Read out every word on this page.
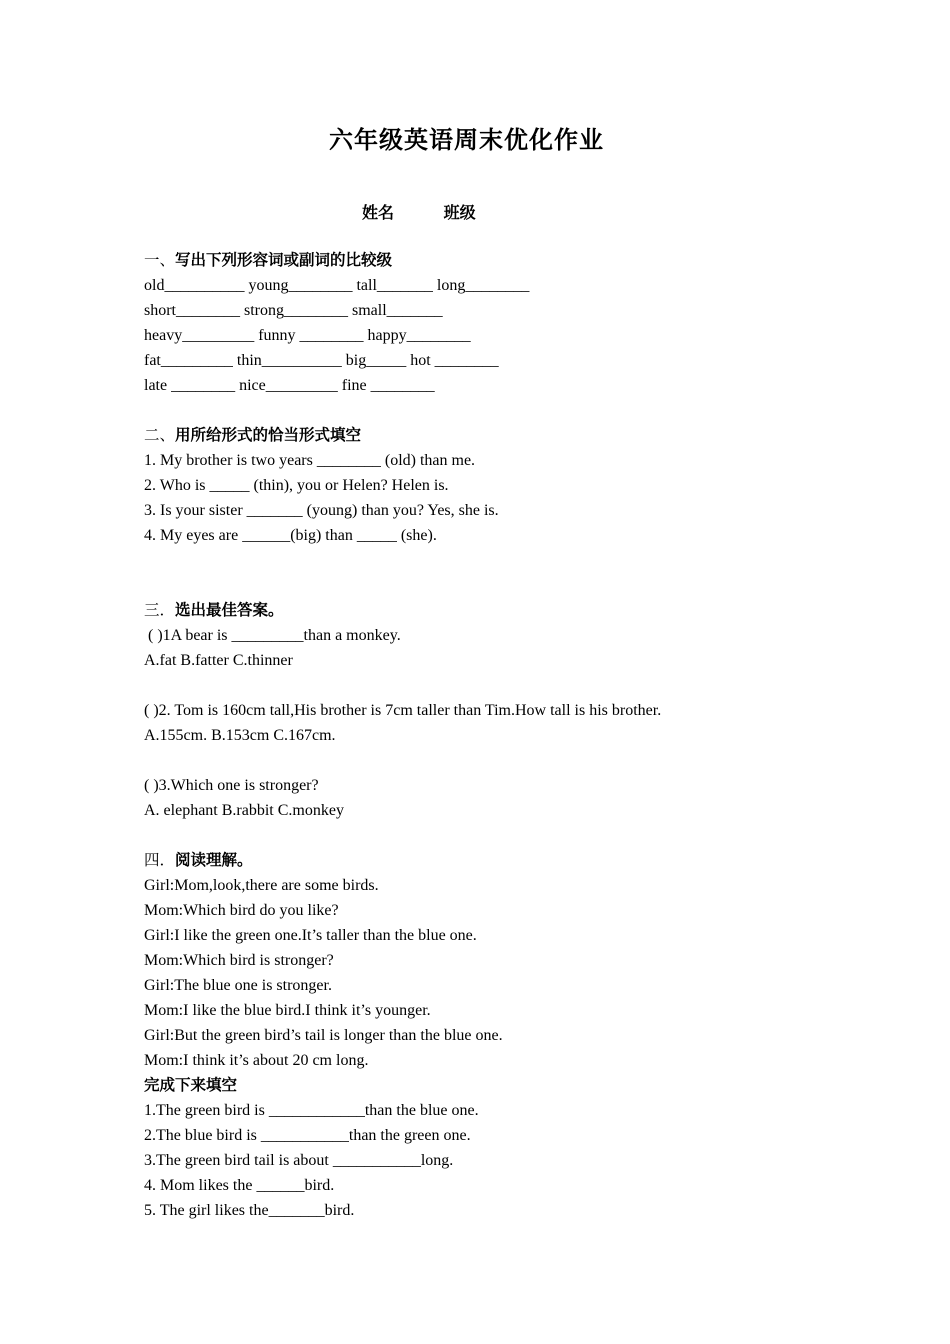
六年级英语周末优化作业
姓名	班级
一、写出下列形容词或副词的比较级
old__________ young________ tall_______ long________
short________ strong________ small_______
heavy_________ funny ________ happy________
fat_________ thin__________ big_____ hot ________
late ________ nice_________ fine ________
二、用所给形式的恰当形式填空
1. My brother is two years ________ (old) than me.
2. Who is _____ (thin), you or Helen? Helen is.
3. Is your sister _______ (young) than you? Yes, she is.
4. My eyes are ______(big) than _____ (she).
三．选出最佳答案。
( )1A bear is _________than a monkey.
A.fat B.fatter C.thinner
( )2. Tom is 160cm tall,His brother is 7cm taller than Tim.How tall is his brother.
A.155cm. B.153cm C.167cm.
( )3.Which one is stronger?
A. elephant B.rabbit C.monkey
四．阅读理解。
Girl:Mom,look,there are some birds.
Mom:Which bird do you like?
Girl:I like the green one.It’s taller than the blue one.
Mom:Which bird is stronger?
Girl:The blue one is stronger.
Mom:I like the blue bird.I think it’s younger.
Girl:But the green bird’s tail is longer than the blue one.
Mom:I think it’s about 20 cm long.
完成下来填空
1.The green bird is ____________than the blue one.
2.The blue bird is ___________than the green one.
3.The green bird tail is about ___________long.
4. Mom likes the ______bird.
5. The girl likes the_______bird.
